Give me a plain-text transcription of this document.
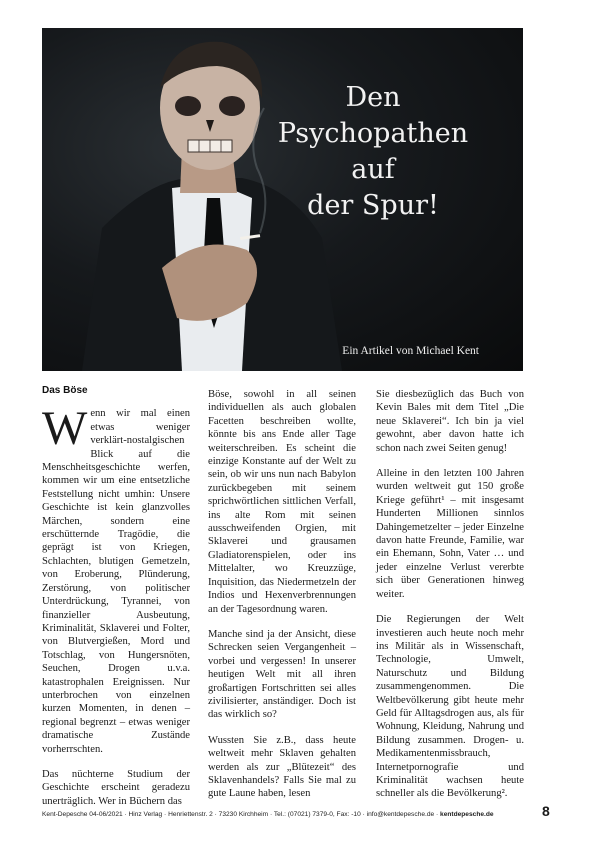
Den
Psychopathen
auf
der Spur!
Ein Artikel von Michael Kent
Das Böse

Wenn wir mal einen etwas weniger verklärt-nostalgischen Blick auf die Menschheitsgeschichte werfen, kommen wir um eine entsetzliche Feststellung nicht umhin: Unsere Geschichte ist kein glanzvolles Märchen, sondern eine erschütternde Tragödie, die geprägt ist von Kriegen, Schlachten, blutigen Gemetzeln, von Eroberung, Plünderung, Zerstörung, von politischer Unterdrückung, Tyrannei, von finanzieller Ausbeutung, Kriminalität, Sklaverei und Folter, von Blutvergießen, Mord und Totschlag, von Hungersnöten, Seuchen, Drogen u.v.a. katastrophalen Ereignissen. Nur unterbrochen von einzelnen kurzen Momenten, in denen – regional begrenzt – etwas weniger dramatische Zustände vorherrschten.

Das nüchterne Studium der Geschichte erscheint geradezu unerträglich. Wer in Büchern das

Böse, sowohl in all seinen individuellen als auch globalen Facetten beschreiben wollte, könnte bis ans Ende aller Tage weiterschreiben. Es scheint die einzige Konstante auf der Welt zu sein, ob wir uns nun nach Babylon zurückbegeben mit seinem sprichwörtlichen sittlichen Verfall, ins alte Rom mit seinen ausschweifenden Orgien, mit Sklaverei und grausamen Gladiatorenspielen, oder ins Mittelalter, wo Kreuzzüge, Inquisition, das Niedermetzeln der Indios und Hexenverbrennungen an der Tagesordnung waren.

Manche sind ja der Ansicht, diese Schrecken seien Vergangenheit – vorbei und vergessen! In unserer heutigen Welt mit all ihren großartigen Fortschritten sei alles zivilisierter, anständiger. Doch ist das wirklich so?

Wussten Sie z.B., dass heute weltweit mehr Sklaven gehalten werden als zur „Blütezeit“ des Sklavenhandels? Falls Sie mal zu gute Laune haben, lesen

Sie diesbezüglich das Buch von Kevin Bales mit dem Titel „Die neue Sklaverei“. Ich bin ja viel gewohnt, aber davon hatte ich schon nach zwei Seiten genug!

Alleine in den letzten 100 Jahren wurden weltweit gut 150 große Kriege geführt¹ – mit insgesamt Hunderten Millionen sinnlos Dahingemetzelter – jeder Einzelne davon hatte Freunde, Familie, war ein Ehemann, Sohn, Vater … und jeder einzelne Verlust vererbte sich über Generationen hinweg weiter.

Die Regierungen der Welt investieren auch heute noch mehr ins Militär als in Wissenschaft, Technologie, Umwelt, Naturschutz und Bildung zusammengenommen. Die Weltbevölkerung gibt heute mehr Geld für Alltagsdrogen aus, als für Wohnung, Kleidung, Nahrung und Bildung zusammen. Drogen- u. Medikamentenmissbrauch, Internetpornografie und Kriminalität wachsen heute schneller als die Bevölkerung².

Kent-Depesche 04-06/2021 · Hinz Verlag · Henriettenstr. 2 · 73230 Kirchheim · Tel.: (07021) 7379-0, Fax: -10 · info@kentdepesche.de · kentdepesche.de	8
